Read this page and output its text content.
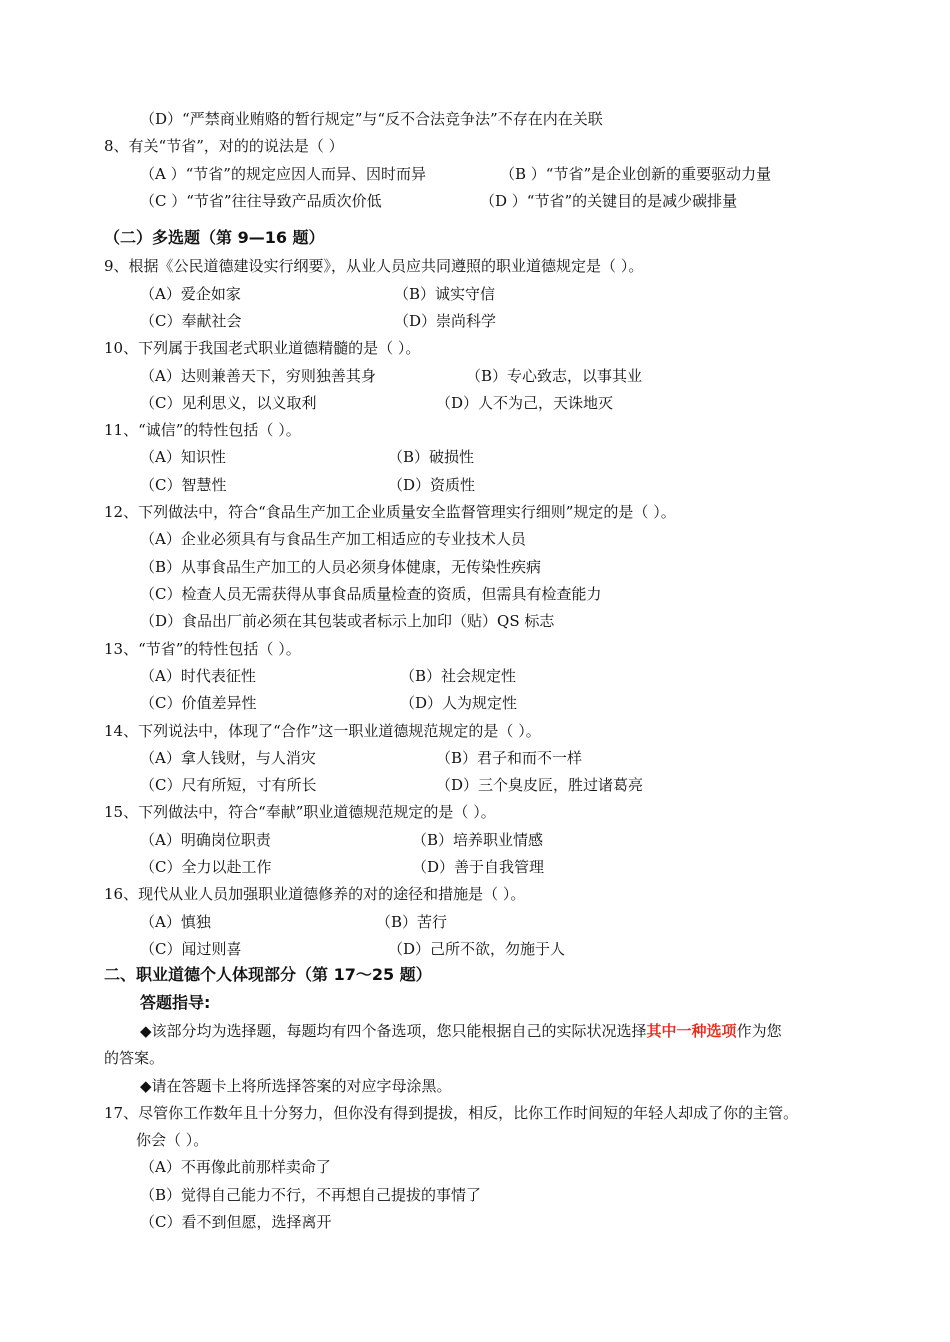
（D）“严禁商业贿赂的暂行规定”与“反不合法竞争法”不存在内在关联
8、有关“节省”，对的的说法是（ ）
（A ）“节省”的规定应因人而异、因时而异	（B ）“节省”是企业创新的重要驱动力量
（C ）“节省”往往导致产品质次价低	（D ）“节省”的关键目的是减少碳排量
（二）多选题（第 9—16 题）
9、根据《公民道德建设实行纲要》，从业人员应共同遵照的职业道德规定是（ ）。
（A）爱企如家	（B）诚实守信
（C）奉献社会	（D）崇尚科学
10、下列属于我国老式职业道德精髓的是（ ）。
（A）达则兼善天下，穷则独善其身	（B）专心致志，以事其业
（C）见利思义，以义取利	（D）人不为己，天诛地灭
11、“诚信”的特性包括（ ）。
（A）知识性	（B）破损性
（C）智慧性	（D）资质性
12、下列做法中，符合“食品生产加工企业质量安全监督管理实行细则”规定的是（ ）。
（A）企业必须具有与食品生产加工相适应的专业技术人员
（B）从事食品生产加工的人员必须身体健康，无传染性疾病
（C）检查人员无需获得从事食品质量检查的资质，但需具有检查能力
（D）食品出厂前必须在其包装或者标示上加印（贴）QS 标志
13、“节省”的特性包括（ ）。
（A）时代表征性	（B）社会规定性
（C）价值差异性	（D）人为规定性
14、下列说法中，体现了“合作”这一职业道德规范规定的是（ ）。
（A）拿人钱财，与人消灾	（B）君子和而不一样
（C）尺有所短，寸有所长	（D）三个臭皮匠，胜过诸葛亮
15、下列做法中，符合“奉献”职业道德规范规定的是（ ）。
（A）明确岗位职责	（B）培养职业情感
（C）全力以赴工作	（D）善于自我管理
16、现代从业人员加强职业道德修养的对的途径和措施是（ ）。
（A）慎独	（B）苦行
（C）闻过则喜	（D）己所不欲，勿施于人
二、职业道德个人体现部分（第 17～25 题）
答题指导:
◆该部分均为选择题，每题均有四个备选项，您只能根据自己的实际状况选择其中一种选项作为您
的答案。
◆请在答题卡上将所选择答案的对应字母涂黑。
17、尽管你工作数年且十分努力，但你没有得到提拔，相反，比你工作时间短的年轻人却成了你的主管。
你会（ ）。
（A）不再像此前那样卖命了
（B）觉得自己能力不行，不再想自己提拔的事情了
（C）看不到但愿，选择离开
